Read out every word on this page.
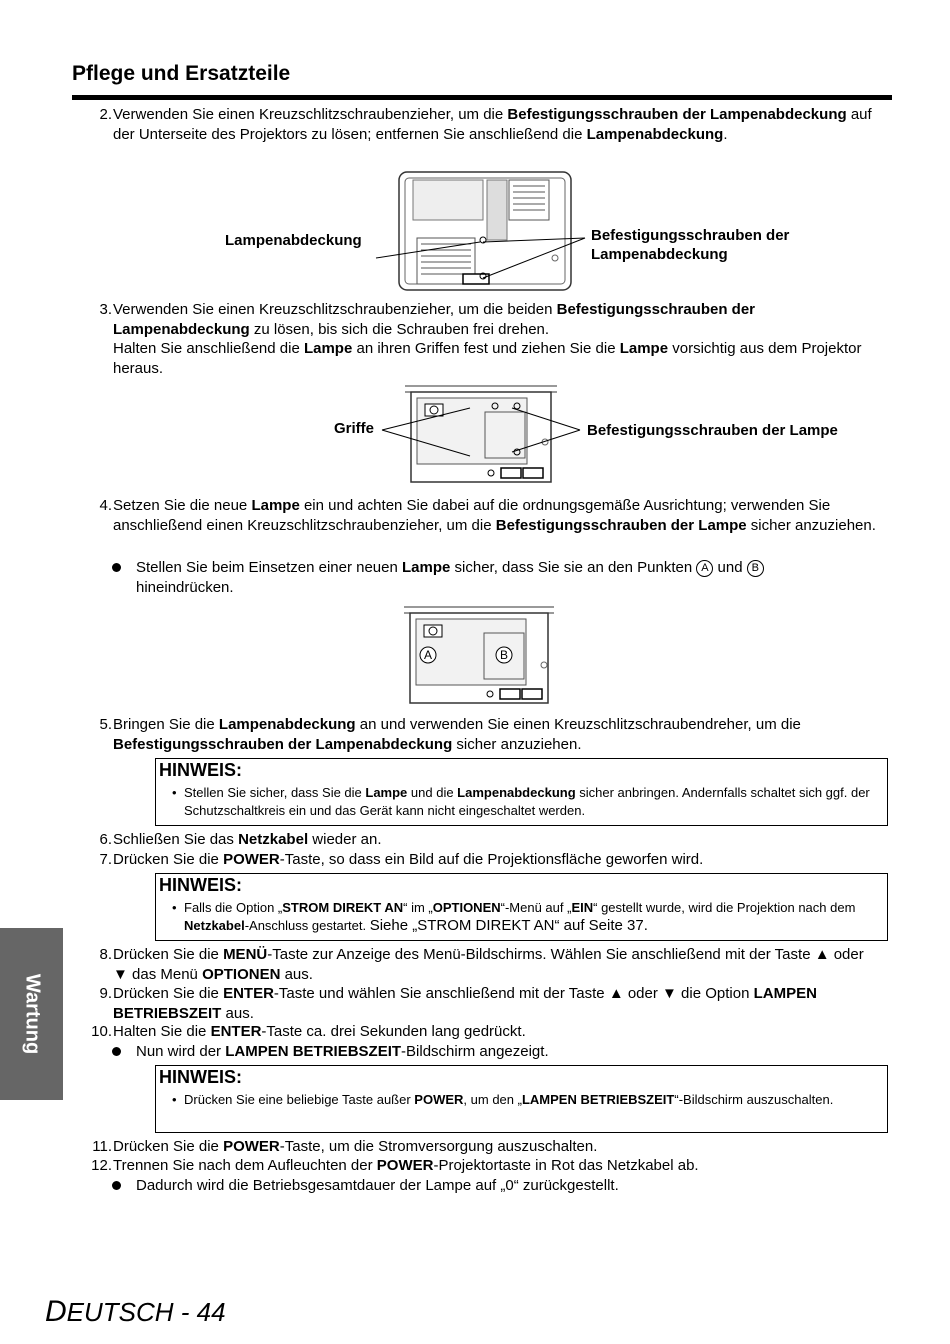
Pflege und Ersatzteile
2. Verwenden Sie einen Kreuzschlitzschraubenzieher, um die Befestigungsschrauben der Lampenabdeckung auf der Unterseite des Projektors zu lösen; entfernen Sie anschließend die Lampenabdeckung.
Lampenabdeckung	Befestigungsschrauben der Lampenabdeckung
3. Verwenden Sie einen Kreuzschlitzschraubenzieher, um die beiden Befestigungsschrauben der Lampenabdeckung zu lösen, bis sich die Schrauben frei drehen.
Halten Sie anschließend die Lampe an ihren Griffen fest und ziehen Sie die Lampe vorsichtig aus dem Projektor heraus.
Griffe	Befestigungsschrauben der Lampe
4. Setzen Sie die neue Lampe ein und achten Sie dabei auf die ordnungsgemäße Ausrichtung; verwenden Sie anschließend einen Kreuzschlitzschraubenzieher, um die Befestigungsschrauben der Lampe sicher anzuziehen.
Stellen Sie beim Einsetzen einer neuen Lampe sicher, dass Sie sie an den Punkten A und B
hineindrücken.
A	B
5. Bringen Sie die Lampenabdeckung an und verwenden Sie einen Kreuzschlitzschraubendreher, um die Befestigungsschrauben der Lampenabdeckung sicher anzuziehen.
HINWEIS:
• Stellen Sie sicher, dass Sie die Lampe und die Lampenabdeckung sicher anbringen. Andernfalls schaltet sich ggf. der Schutzschaltkreis ein und das Gerät kann nicht eingeschaltet werden.
6. Schließen Sie das Netzkabel wieder an.
7. Drücken Sie die POWER-Taste, so dass ein Bild auf die Projektionsfläche geworfen wird.
HINWEIS:
• Falls die Option „STROM DIREKT AN“ im „OPTIONEN“-Menü auf „EIN“ gestellt wurde, wird die Projektion nach dem Netzkabel-Anschluss gestartet. Siehe „STROM DIREKT AN“ auf Seite 37.
8. Drücken Sie die MENÜ-Taste zur Anzeige des Menü-Bildschirms. Wählen Sie anschließend mit der Taste ▲ oder ▼ das Menü OPTIONEN aus.
9. Drücken Sie die ENTER-Taste und wählen Sie anschließend mit der Taste ▲ oder ▼ die Option LAMPEN BETRIEBSZEIT aus.
10. Halten Sie die ENTER-Taste ca. drei Sekunden lang gedrückt.
Nun wird der LAMPEN BETRIEBSZEIT-Bildschirm angezeigt.
HINWEIS:
• Drücken Sie eine beliebige Taste außer POWER, um den „LAMPEN BETRIEBSZEIT“-Bildschirm auszuschalten.
11. Drücken Sie die POWER-Taste, um die Stromversorgung auszuschalten.
12. Trennen Sie nach dem Aufleuchten der POWER-Projektortaste in Rot das Netzkabel ab.
Dadurch wird die Betriebsgesamtdauer der Lampe auf „0“ zurückgestellt.
Wartung
DEUTSCH - 44
